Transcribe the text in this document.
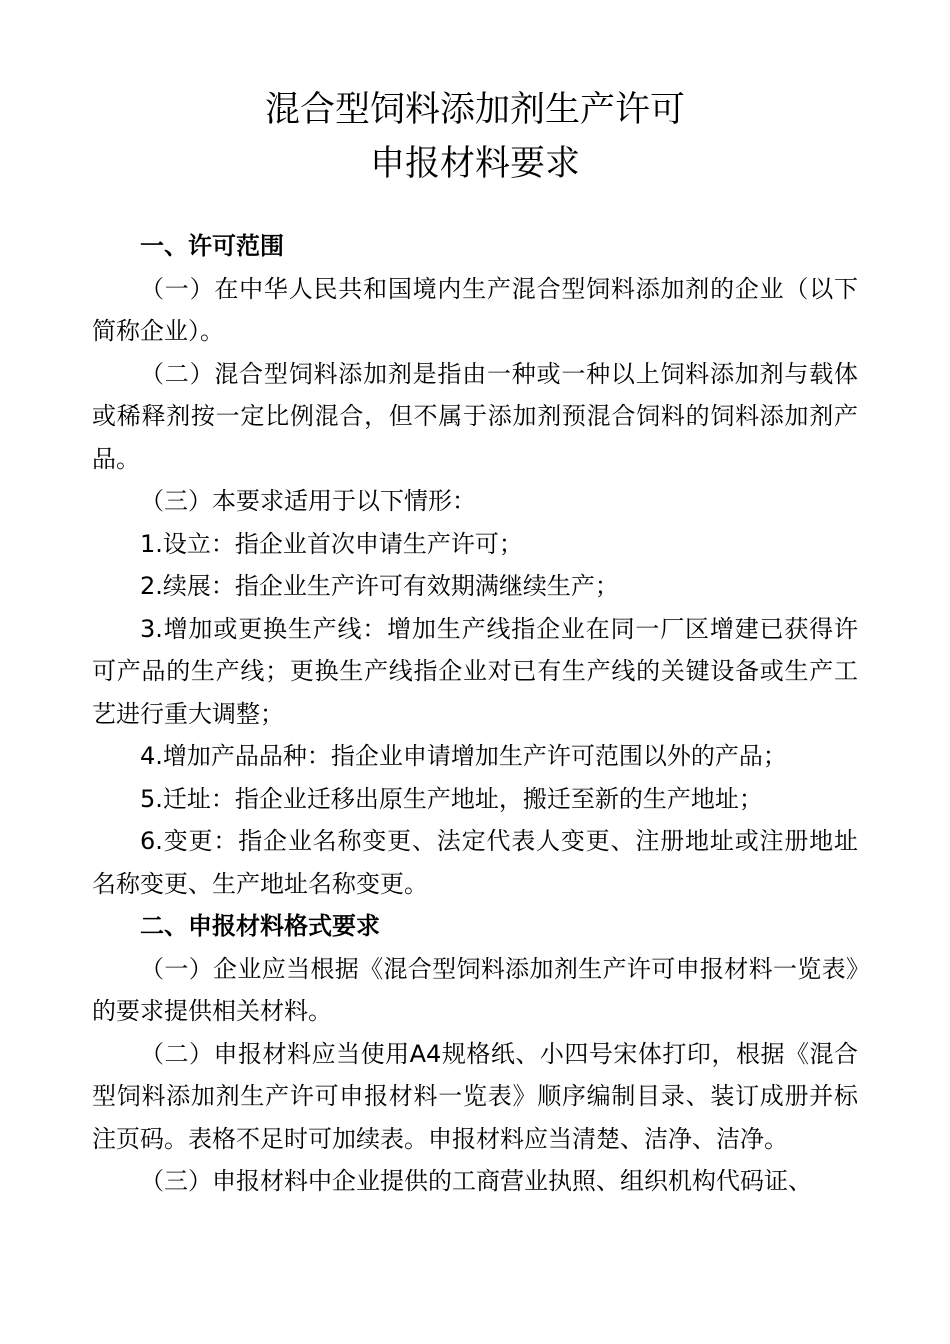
混合型饲料添加剂生产许可
申报材料要求

一、许可范围

（一）在中华人民共和国境内生产混合型饲料添加剂的企业（以下简称企业）。

（二）混合型饲料添加剂是指由一种或一种以上饲料添加剂与载体或稀释剂按一定比例混合，但不属于添加剂预混合饲料的饲料添加剂产品。

（三）本要求适用于以下情形：

1.设立：指企业首次申请生产许可；

2.续展：指企业生产许可有效期满继续生产；

3.增加或更换生产线：增加生产线指企业在同一厂区增建已获得许可产品的生产线；更换生产线指企业对已有生产线的关键设备或生产工艺进行重大调整；

4.增加产品品种：指企业申请增加生产许可范围以外的产品；

5.迁址：指企业迁移出原生产地址，搬迁至新的生产地址；

6.变更：指企业名称变更、法定代表人变更、注册地址或注册地址名称变更、生产地址名称变更。

二、申报材料格式要求

（一）企业应当根据《混合型饲料添加剂生产许可申报材料一览表》的要求提供相关材料。

（二）申报材料应当使用A4规格纸、小四号宋体打印，根据《混合型饲料添加剂生产许可申报材料一览表》顺序编制目录、装订成册并标注页码。表格不足时可加续表。申报材料应当清楚、洁净、洁净。

（三）申报材料中企业提供的工商营业执照、组织机构代码证、
